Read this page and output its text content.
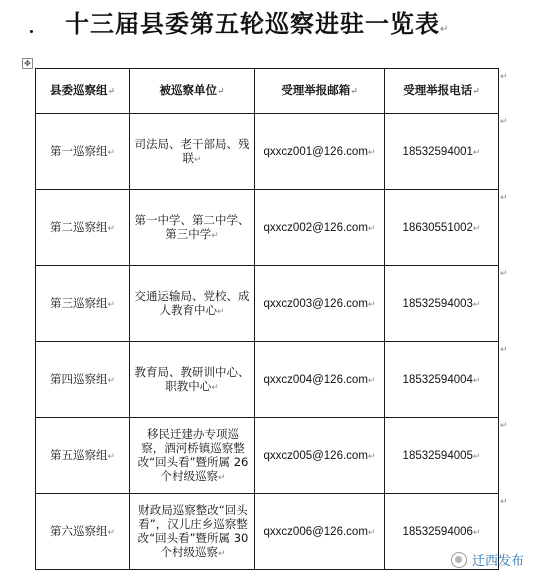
十三届县委第五轮巡察进驻一览表↵
✥
县委巡察组↵	被巡察单位↵	受理举报邮箱↵	受理举报电话↵
第一巡察组↵	司法局、老干部局、残联↵	qxxcz001@126.com↵	18532594001↵
第二巡察组↵	第一中学、第二中学、第三中学↵	qxxcz002@126.com↵	18630551002↵
第三巡察组↵	交通运输局、党校、成人教育中心↵	qxxcz003@126.com↵	18532594003↵
第四巡察组↵	教育局、教研训中心、职教中心↵	qxxcz004@126.com↵	18532594004↵
第五巡察组↵	移民迁建办专项巡察，酒河桥镇巡察整改“回头看”暨所属 26 个村级巡察↵	qxxcz005@126.com↵	18532594005↵
第六巡察组↵	财政局巡察整改“回头看”，汉儿庄乡巡察整改“回头看”暨所属 30 个村级巡察↵	qxxcz006@126.com↵	18532594006↵
迁西发布
↵
↵
↵
↵
↵
↵
↵
